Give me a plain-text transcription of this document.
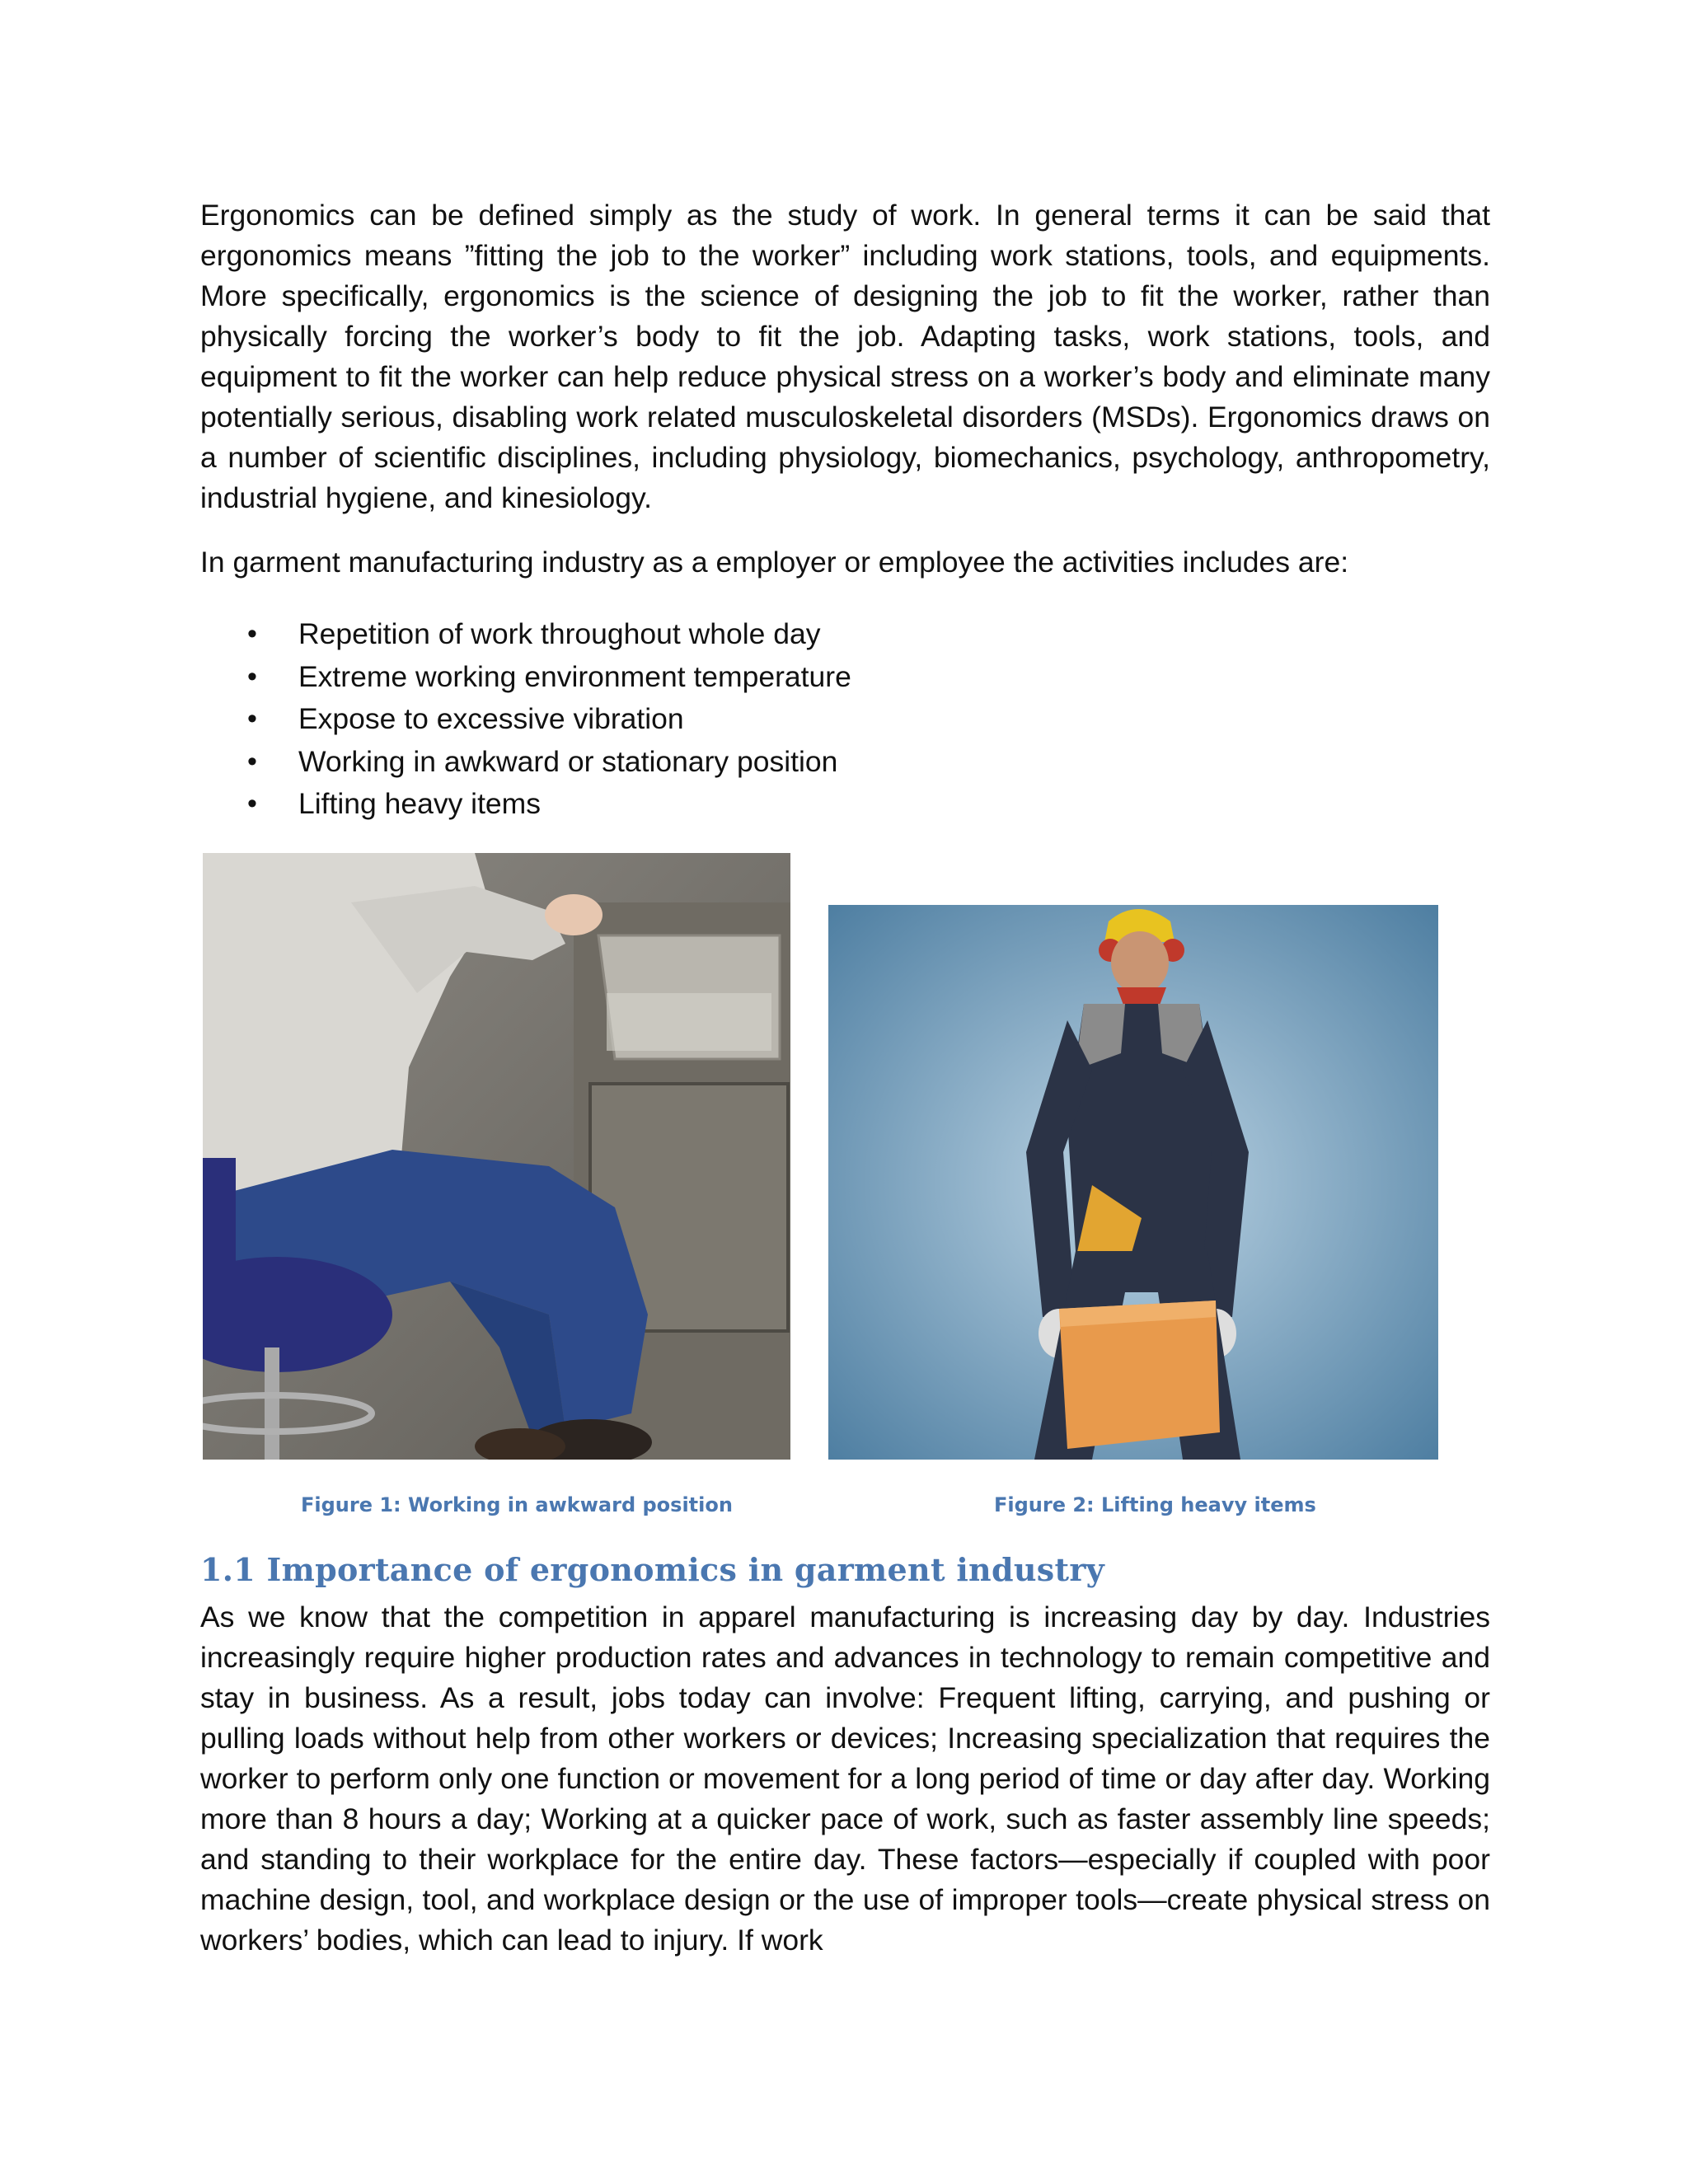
Ergonomics can be defined simply as the study of work. In general terms it can be said that ergonomics means ”fitting the job to the worker” including work stations, tools, and equipments. More specifically, ergonomics is the science of designing the job to fit the worker, rather than physically forcing the worker’s body to fit the job. Adapting tasks, work stations, tools, and equipment to fit the worker can help reduce physical stress on a worker’s body and eliminate many potentially serious, disabling work related musculoskeletal disorders (MSDs). Ergonomics draws on a number of scientific disciplines, including physiology, biomechanics, psychology, anthropometry, industrial hygiene, and kinesiology.

In garment manufacturing industry as a employer or employee the activities includes are:

• Repetition of work throughout whole day
• Extreme working environment temperature
• Expose to excessive vibration
• Working in awkward or stationary position
• Lifting heavy items
Figure 1: Working in awkward position	Figure 2: Lifting heavy items
1.1 Importance of ergonomics in garment industry

As we know that the competition in apparel manufacturing is increasing day by day. Industries increasingly require higher production rates and advances in technology to remain competitive and stay in business. As a result, jobs today can involve: Frequent lifting, carrying, and pushing or pulling loads without help from other workers or devices; Increasing specialization that requires the worker to perform only one function or movement for a long period of time or day after day. Working more than 8 hours a day; Working at a quicker pace of work, such as faster assembly line speeds; and standing to their workplace for the entire day. These factors—especially if coupled with poor machine design, tool, and workplace design or the use of improper tools—create physical stress on workers’ bodies, which can lead to injury. If work
